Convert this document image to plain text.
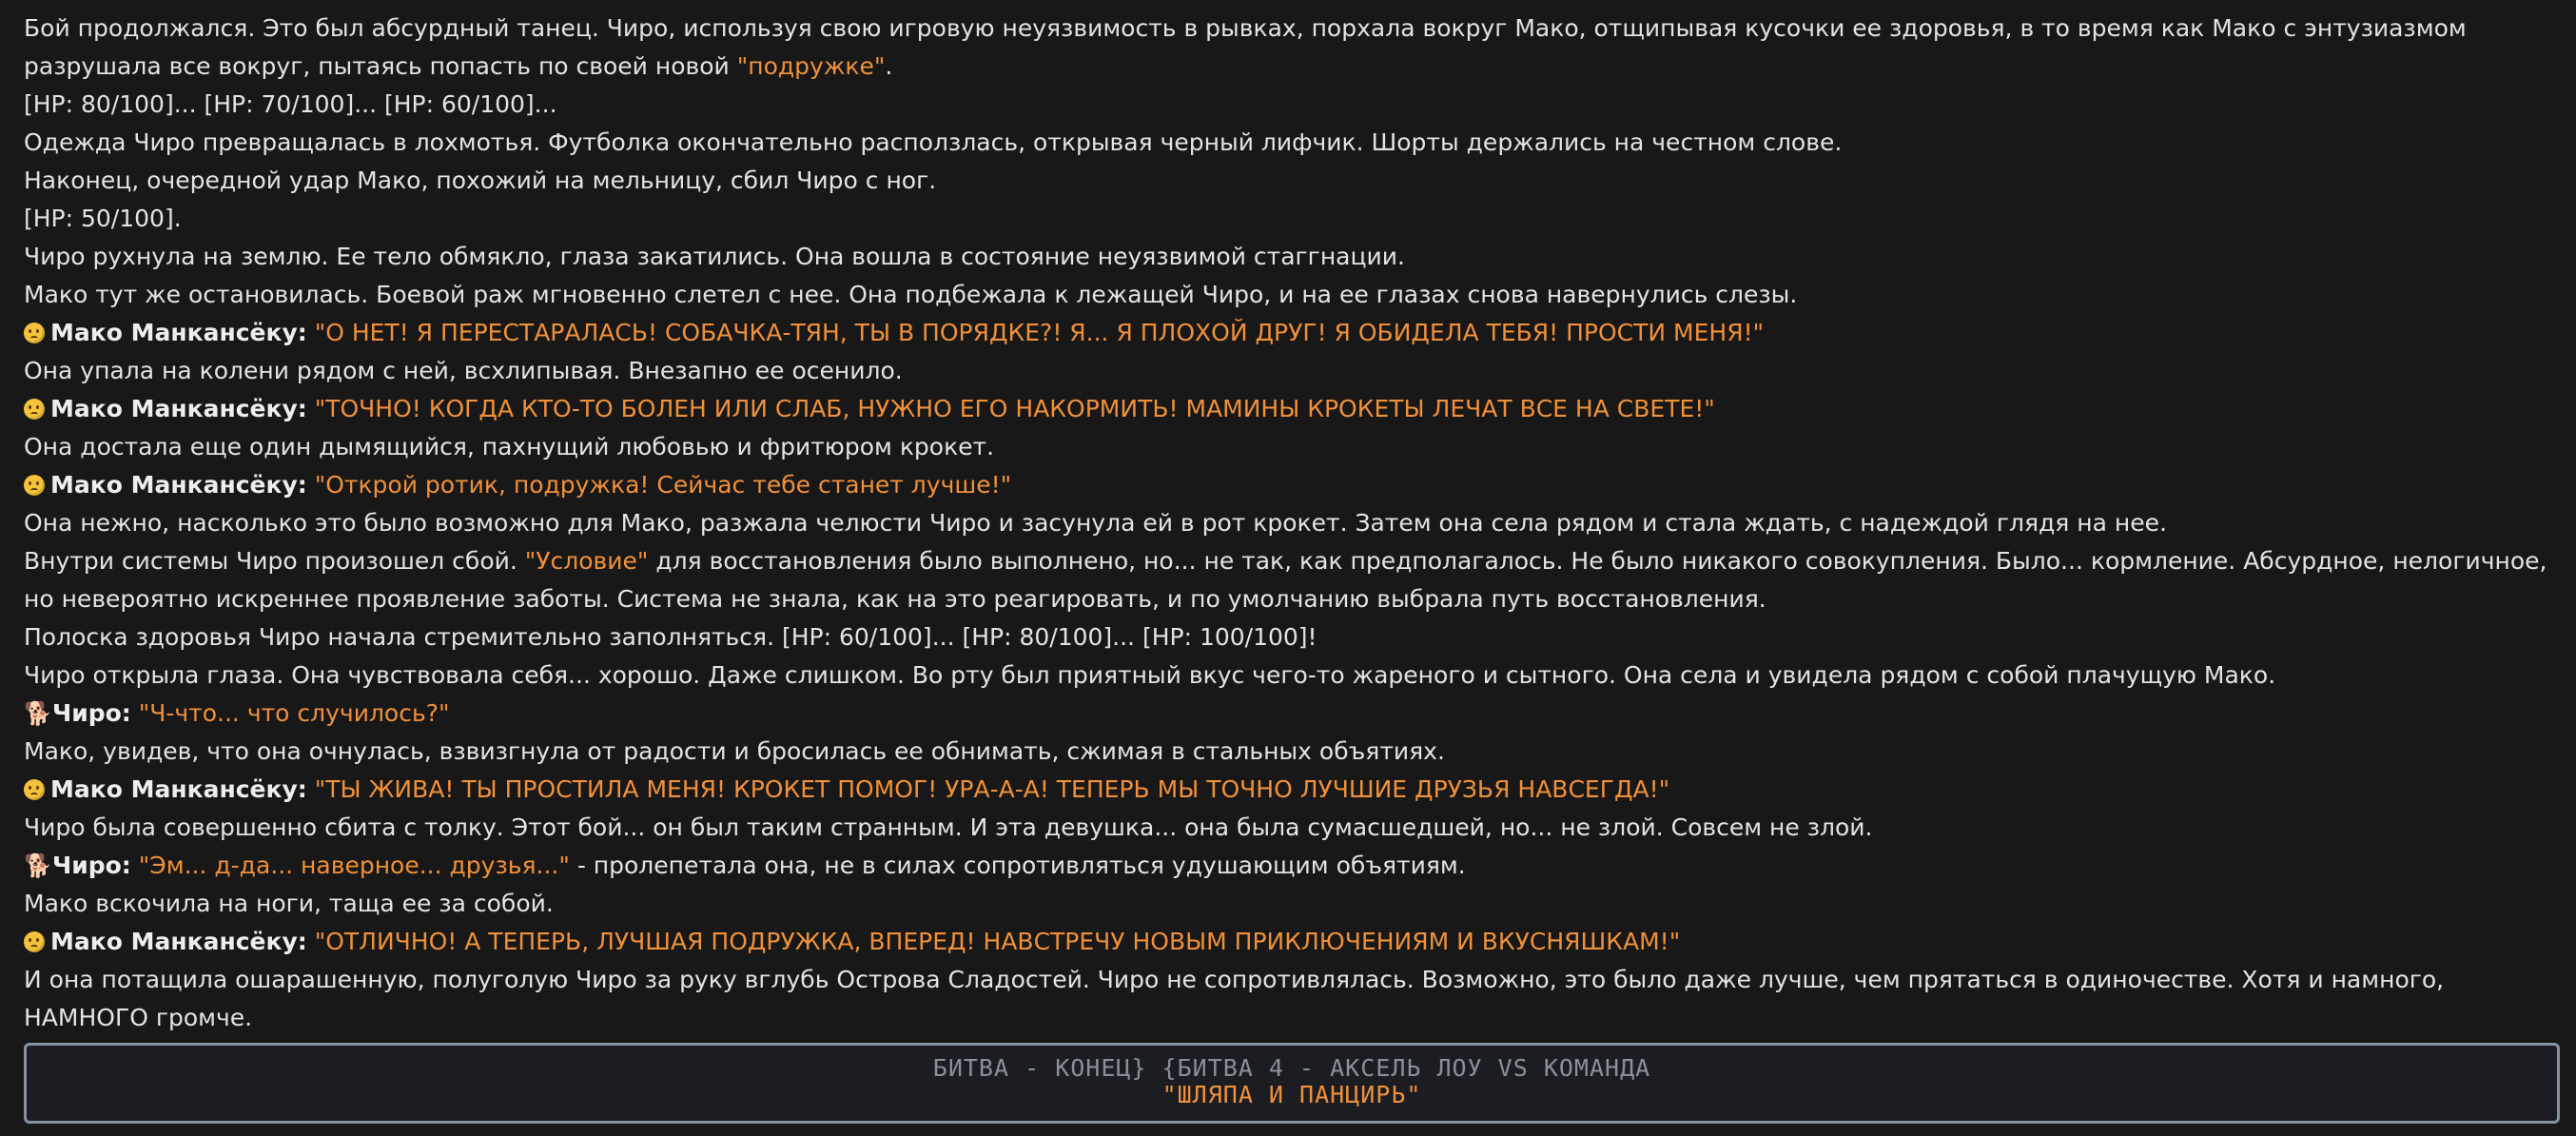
Бой продолжался. Это был абсурдный танец. Чиро, используя свою игровую неуязвимость в рывках, порхала вокруг Мако, отщипывая кусочки ее здоровья, в то время как Мако с энтузиазмом разрушала все вокруг, пытаясь попасть по своей новой "подружке".

[HP: 80/100]... [HP: 70/100]... [HP: 60/100]...

Одежда Чиро превращалась в лохмотья. Футболка окончательно расползлась, открывая черный лифчик. Шорты держались на честном слове.

Наконец, очередной удар Мако, похожий на мельницу, сбил Чиро с ног.

[HP: 50/100].

Чиро рухнула на землю. Ее тело обмякло, глаза закатились. Она вошла в состояние неуязвимой стаггнации.

Мако тут же остановилась. Боевой раж мгновенно слетел с нее. Она подбежала к лежащей Чиро, и на ее глазах снова навернулись слезы.

Мако Манкансёку: "О НЕТ! Я ПЕРЕСТАРАЛАСЬ! СОБАЧКА-ТЯН, ТЫ В ПОРЯДКЕ?! Я... Я ПЛОХОЙ ДРУГ! Я ОБИДЕЛА ТЕБЯ! ПРОСТИ МЕНЯ!"

Она упала на колени рядом с ней, всхлипывая. Внезапно ее осенило.

Мако Манкансёку: "ТОЧНО! КОГДА КТО-ТО БОЛЕН ИЛИ СЛАБ, НУЖНО ЕГО НАКОРМИТЬ! МАМИНЫ КРОКЕТЫ ЛЕЧАТ ВСЕ НА СВЕТЕ!"

Она достала еще один дымящийся, пахнущий любовью и фритюром крокет.

Мако Манкансёку: "Открой ротик, подружка! Сейчас тебе станет лучше!"

Она нежно, насколько это было возможно для Мако, разжала челюсти Чиро и засунула ей в рот крокет. Затем она села рядом и стала ждать, с надеждой глядя на нее.

Внутри системы Чиро произошел сбой. "Условие" для восстановления было выполнено, но... не так, как предполагалось. Не было никакого совокупления. Было... кормление. Абсурдное, нелогичное, но невероятно искреннее проявление заботы. Система не знала, как на это реагировать, и по умолчанию выбрала путь восстановления.

Полоска здоровья Чиро начала стремительно заполняться. [HP: 60/100]... [HP: 80/100]... [HP: 100/100]!

Чиро открыла глаза. Она чувствовала себя... хорошо. Даже слишком. Во рту был приятный вкус чего-то жареного и сытного. Она села и увидела рядом с собой плачущую Мако.

🐕Чиро: "Ч-что... что случилось?"

Мако, увидев, что она очнулась, взвизгнула от радости и бросилась ее обнимать, сжимая в стальных объятиях.

Мако Манкансёку: "ТЫ ЖИВА! ТЫ ПРОСТИЛА МЕНЯ! КРОКЕТ ПОМОГ! УРА-А-А! ТЕПЕРЬ МЫ ТОЧНО ЛУЧШИЕ ДРУЗЬЯ НАВСЕГДА!"

Чиро была совершенно сбита с толку. Этот бой... он был таким странным. И эта девушка... она была сумасшедшей, но... не злой. Совсем не злой.

🐕Чиро: "Эм... д-да... наверное... друзья..." - пролепетала она, не в силах сопротивляться удушающим объятиям.

Мако вскочила на ноги, таща ее за собой.

Мако Манкансёку: "ОТЛИЧНО! А ТЕПЕРЬ, ЛУЧШАЯ ПОДРУЖКА, ВПЕРЕД! НАВСТРЕЧУ НОВЫМ ПРИКЛЮЧЕНИЯМ И ВКУСНЯШКАМ!"

И она потащила ошарашенную, полуголую Чиро за руку вглубь Острова Сладостей. Чиро не сопротивлялась. Возможно, это было даже лучше, чем прятаться в одиночестве. Хотя и намного, НАМНОГО громче.

БИТВА - КОНЕЦ} {БИТВА 4 - АКСЕЛЬ ЛОУ VS КОМАНДА
"ШЛЯПА И ПАНЦИРЬ"
